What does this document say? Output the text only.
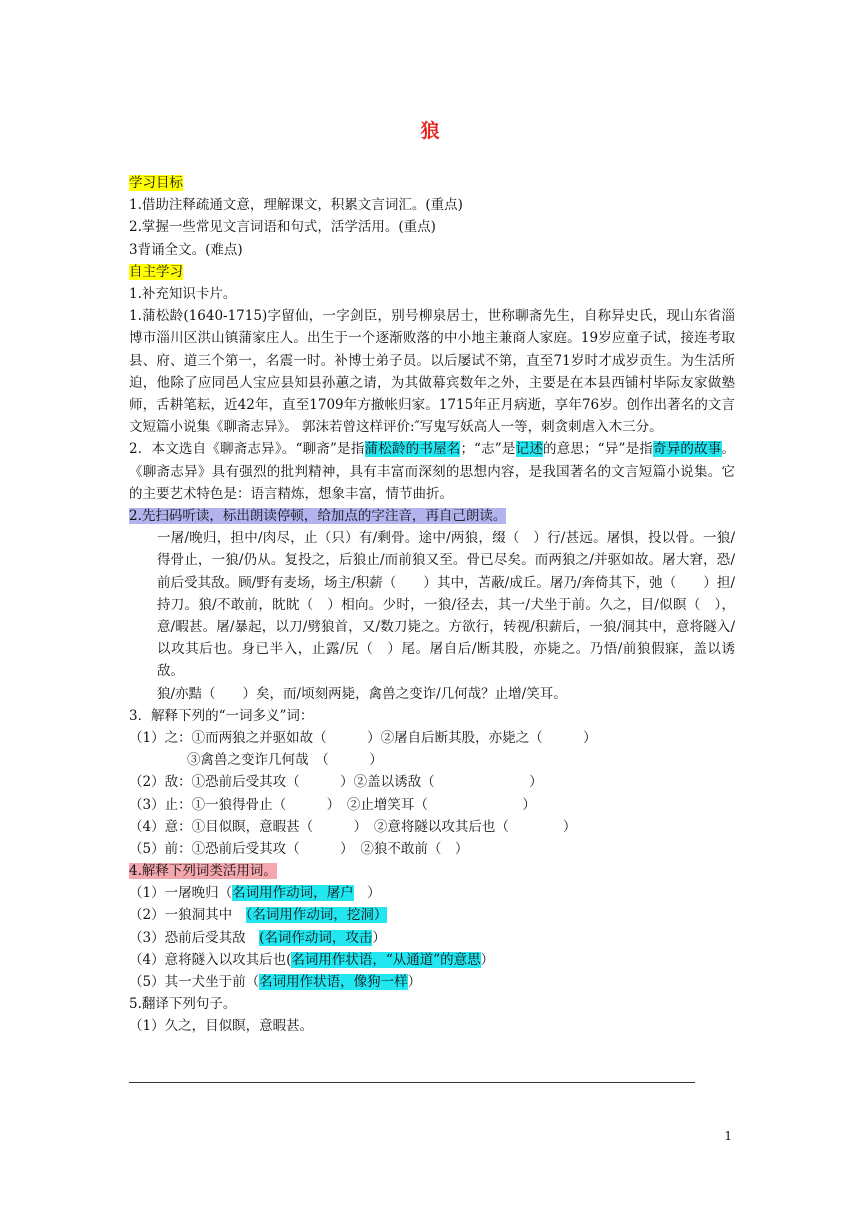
狼
学习目标
1.借助注释疏通文意，理解课文，积累文言词汇。(重点)
2.掌握一些常见文言词语和句式，活学活用。(重点)
3背诵全文。(难点)
自主学习
1.补充知识卡片。
1.蒲松龄(1640-1715)字留仙，一字剑臣，别号柳泉居士，世称聊斋先生，自称异史氏，现山东省淄博市淄川区洪山镇蒲家庄人。出生于一个逐渐败落的中小地主兼商人家庭。19岁应童子试，接连考取县、府、道三个第一，名震一时。补博士弟子员。以后屡试不第，直至71岁时才成岁贡生。为生活所迫，他除了应同邑人宝应县知县孙蕙之请，为其做幕宾数年之外，主要是在本县西铺村毕际友家做塾师，舌耕笔耘，近42年，直至1709年方撤帐归家。1715年正月病逝，享年76岁。创作出著名的文言文短篇小说集《聊斋志异》。 郭沫若曾这样评价:″写鬼写妖高人一等，刺贪刺虐入木三分。
2．本文选自《聊斋志异》。“聊斋”是指蒲松龄的书屋名；“志”是记述的意思；“异”是指奇异的故事。《聊斋志异》具有强烈的批判精神，具有丰富而深刻的思想内容，是我国著名的文言短篇小说集。它的主要艺术特色是：语言精炼，想象丰富，情节曲折。
2.先扫码听读，标出朗读停顿，给加点的字注音，再自己朗读。
一屠/晚归，担中/肉尽，止（只）有/剩骨。途中/两狼，缀（　）行/甚远。屠惧，投以骨。一狼/得骨止，一狼/仍从。复投之，后狼止/而前狼又至。骨已尽矣。而两狼之/并驱如故。屠大窘，恐/前后受其敌。顾/野有麦场，场主/积薪（　　）其中，苫蔽/成丘。屠乃/奔倚其下，弛（　　）担/持刀。狼/不敢前，眈眈（　）相向。少时，一狼/径去，其一/犬坐于前。久之，目/似瞑（　），意/暇甚。屠/暴起，以刀/劈狼首，又/数刀毙之。方欲行，转视/积薪后，一狼/洞其中，意将隧入/以攻其后也。身已半入，止露/尻（　）尾。屠自后/断其股，亦毙之。乃悟/前狼假寐，盖以诱敌。
狼/亦黠（　　）矣，而/顷刻两毙，禽兽之变诈/几何哉？止增/笑耳。
3．解释下列的“一词多义”词：
（1）之：①而两狼之并驱如故（　　　）②屠自后断其股，亦毙之（　　　）
③禽兽之变诈几何哉　（　　　）
（2）敌：①恐前后受其攻（　　　）②盖以诱敌（　　　　　　　）
（3）止：①一狼得骨止（　　　）　②止增笑耳（　　　　　　　）
（4）意：①目似瞑，意暇甚（　　　）　②意将隧以攻其后也（　　　　）
（5）前：①恐前后受其攻（　　　）　②狼不敢前（　）
4.解释下列词类活用词。
（1）一屠晚归（名词用作动词，屠户　）
（2）一狼洞其中　（名词用作动词，挖洞）
（3）恐前后受其敌　(名词作动词，攻击）
（4）意将隧入以攻其后也(名词用作状语，“从通道”的意思）
（5）其一犬坐于前（名词用作状语，像狗一样）
5.翻译下列句子。
（1）久之，目似瞑，意暇甚。
1
